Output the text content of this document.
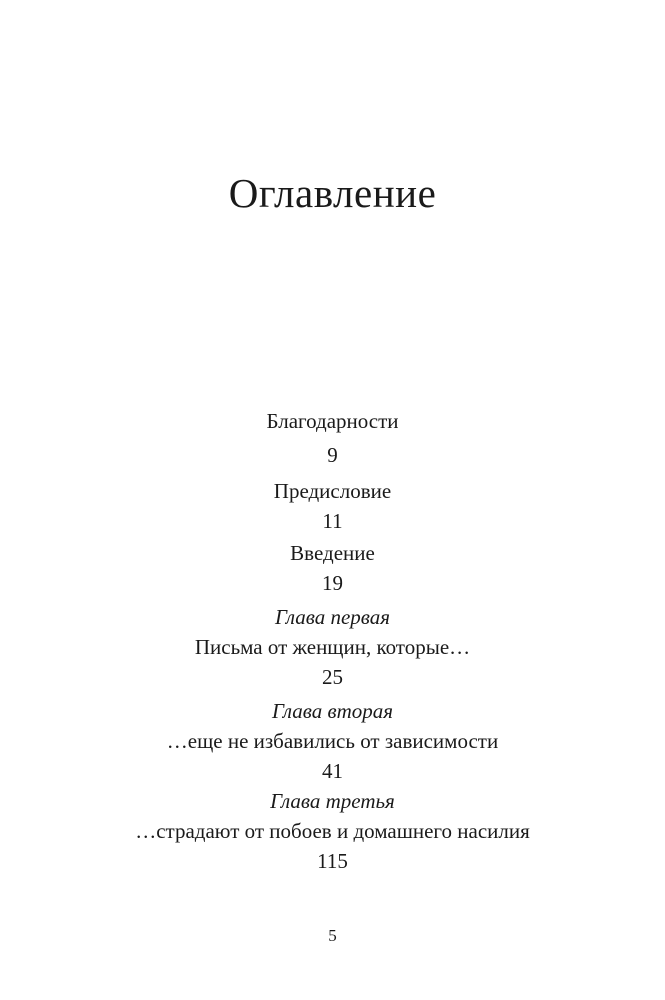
Оглавление
Благодарности
9
Предисловие
11
Введение
19
Глава первая
Письма от женщин, которые…
25
Глава вторая
…еще не избавились от зависимости
41
Глава третья
…страдают от побоев и домашнего насилия
115
5
